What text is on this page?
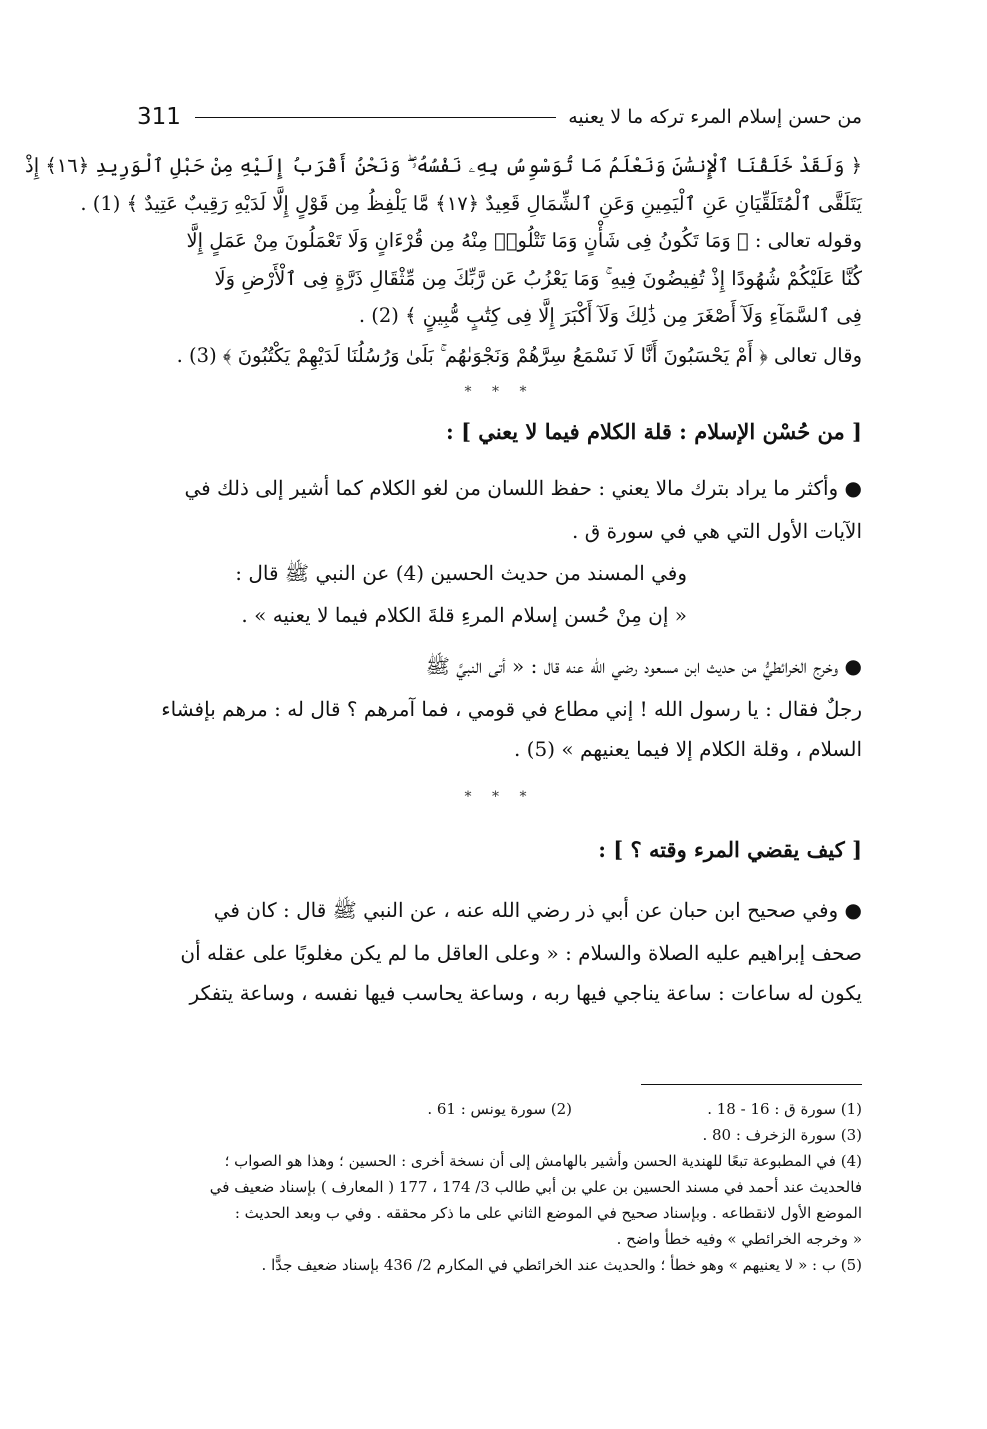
311	من حسن إسلام المرء تركه ما لا يعنيه
﴿ وَلَقَدْ خَلَقْنَا ٱلْإِنسَٰنَ وَنَعْلَمُ مَا تُوَسْوِسُ بِهِۦ نَفْسُهُۥ ۖ وَنَحْنُ أَقْرَبُ إِلَيْهِ مِنْ حَبْلِ ٱلْوَرِيدِ ﴿١٦﴾ إِذْ
يَتَلَقَّى ٱلْمُتَلَقِّيَانِ عَنِ ٱلْيَمِينِ وَعَنِ ٱلشِّمَالِ قَعِيدٌ ﴿١٧﴾ مَّا يَلْفِظُ مِن قَوْلٍ إِلَّا لَدَيْهِ رَقِيبٌ عَتِيدٌ ﴾ (1) .
وقوله تعالى : ﴿ وَمَا تَكُونُ فِى شَأْنٍ وَمَا تَتْلُوا۟ مِنْهُ مِن قُرْءَانٍ وَلَا تَعْمَلُونَ مِنْ عَمَلٍ إِلَّا
كُنَّا عَلَيْكُمْ شُهُودًا إِذْ تُفِيضُونَ فِيهِ ۚ وَمَا يَعْزُبُ عَن رَّبِّكَ مِن مِّثْقَالِ ذَرَّةٍ فِى ٱلْأَرْضِ وَلَا
فِى ٱلسَّمَآءِ وَلَآ أَصْغَرَ مِن ذَٰلِكَ وَلَآ أَكْبَرَ إِلَّا فِى كِتَٰبٍ مُّبِينٍ ﴾ (2) .
وقال تعالى ﴿ أَمْ يَحْسَبُونَ أَنَّا لَا نَسْمَعُ سِرَّهُمْ وَنَجْوَىٰهُم ۚ بَلَىٰ وَرُسُلُنَا لَدَيْهِمْ يَكْتُبُونَ ﴾ (3) .
* * *
[ من حُسْن الإسلام : قلة الكلام فيما لا يعني ] :
● وأكثر ما يراد بترك مالا يعني : حفظ اللسان من لغو الكلام كما أشير إلى ذلك في
الآيات الأول التي هي في سورة ق .
وفي المسند من حديث الحسين (4) عن النبي ﷺ قال :
« إن مِنْ حُسن إسلام المرءِ قلةَ الكلام فيما لا يعنيه » .
● وخرج الخرائطيُّ من حديث ابن مسعود رضي الله عنه قال : « أتى النبيَّ ﷺ
رجلٌ فقال : يا رسول الله ! إني مطاع في قومي ، فما آمرهم ؟ قال له : مرهم بإفشاء
السلام ، وقلة الكلام إلا فيما يعنيهم » (5) .
* * *
[ كيف يقضي المرء وقته ؟ ] :
● وفي صحيح ابن حبان عن أبي ذر رضي الله عنه ، عن النبي ﷺ قال : كان في
صحف إبراهيم عليه الصلاة والسلام : « وعلى العاقل ما لم يكن مغلوبًا على عقله أن
يكون له ساعات : ساعة يناجي فيها ربه ، وساعة يحاسب فيها نفسه ، وساعة يتفكر
(1) سورة ق : 16 - 18 .
(2) سورة يونس : 61 .
(3) سورة الزخرف : 80 .
(4) في المطبوعة تبعًا للهندية الحسن وأشير بالهامش إلى أن نسخة أخرى : الحسين ؛ وهذا هو الصواب ؛
فالحديث عند أحمد في مسند الحسين بن علي بن أبي طالب 3/ 174 ، 177 ( المعارف ) بإسناد ضعيف في
الموضع الأول لانقطاعه . وبإسناد صحيح في الموضع الثاني على ما ذكر محققه . وفي ب وبعد الحديث :
« وخرجه الخرائطي » وفيه خطأ واضح .
(5) ب : « لا يعنيهم » وهو خطأ ؛ والحديث عند الخرائطي في المكارم 2/ 436 بإسناد ضعيف جدًّا .
